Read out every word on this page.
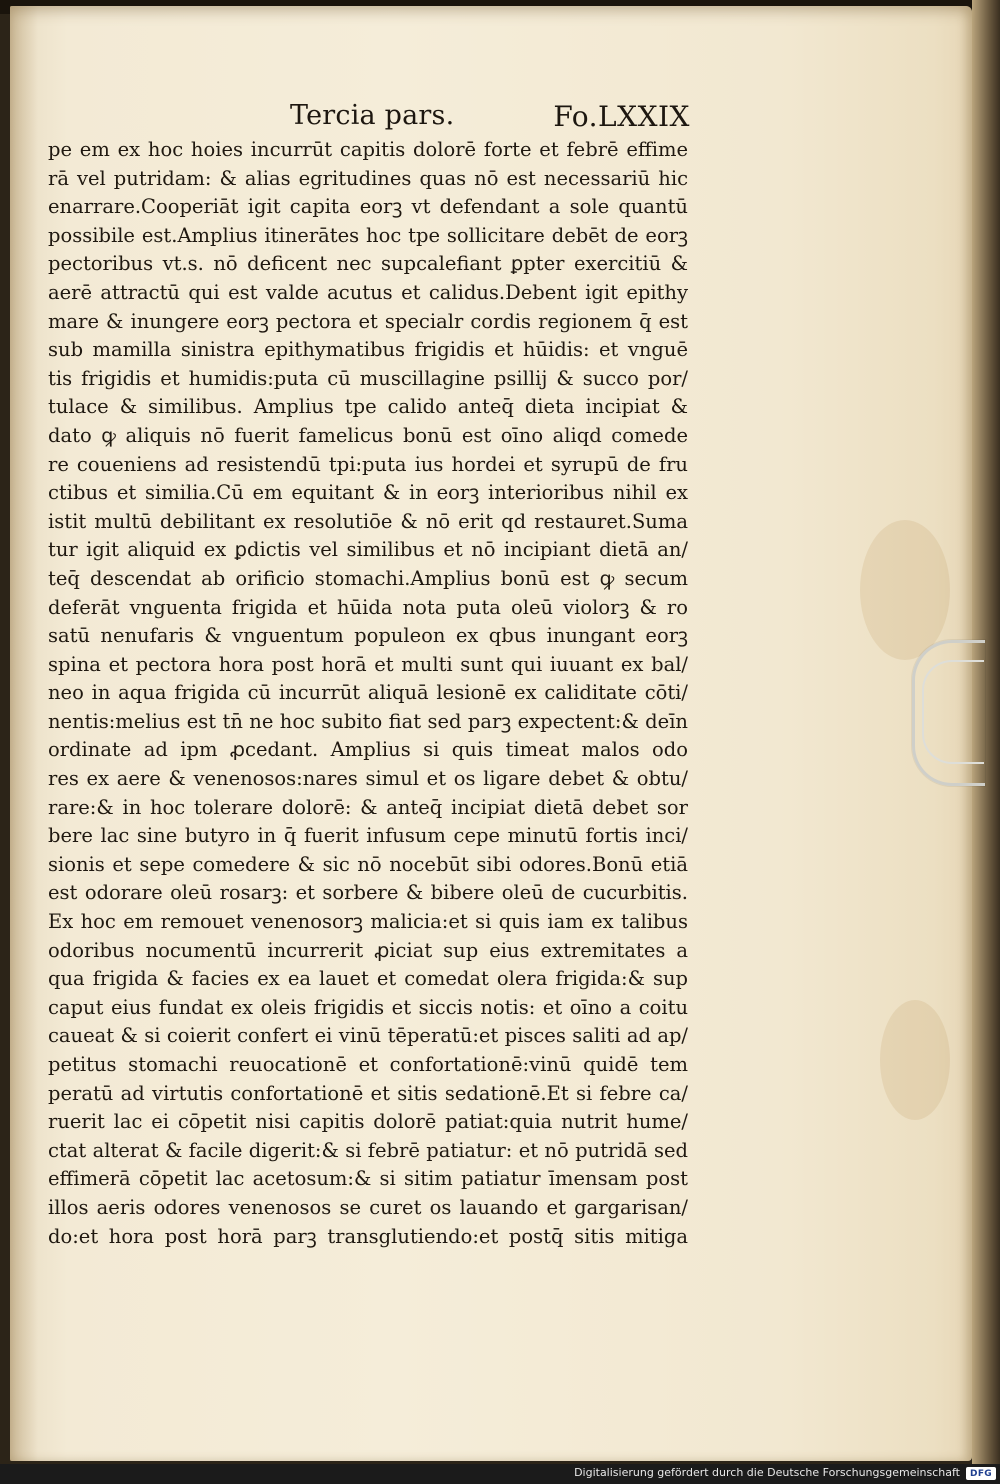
Tercia pars.	Fo.LXXIX
pe em ex hoc hoies incurrūt capitis dolorē forte et febrē effime
rā vel putridam: & alias egritudines quas nō est necessariū hic
enarrare.Cooperiāt igit capita eorꝫ vt defendant a sole quantū
possibile est.Amplius itinerātes hoc tpe sollicitare debēt de eorꝫ
pectoribus vt.s. nō deficent nec supcalefiant ꝑpter exercitiū &
aerē attractū qui est valde acutus et calidus.Debent igit epithy
mare & inungere eorꝫ pectora et specialr cordis regionem q̄ est
sub mamilla sinistra epithymatibus frigidis et hūidis: et vnguē
tis frigidis et humidis:puta cū muscillagine psillij & succo por/
tulace & similibus. Amplius tpe calido anteq̄ dieta incipiat &
dato ꝙ aliquis nō fuerit famelicus bonū est oīno aliqd comede
re coueniens ad resistendū tpi:puta ius hordei et syrupū de fru
ctibus et similia.Cū em equitant & in eorꝫ interioribus nihil ex
istit multū debilitant ex resolutiōe & nō erit qd restauret.Suma
tur igit aliquid ex ꝑdictis vel similibus et nō incipiant dietā an/
teq̄ descendat ab orificio stomachi.Amplius bonū est ꝙ secum
deferāt vnguenta frigida et hūida nota puta oleū violorꝫ & ro
satū nenufaris & vnguentum populeon ex qbus inungant eorꝫ
spina et pectora hora post horā et multi sunt qui iuuant ex bal/
neo in aqua frigida cū incurrūt aliquā lesionē ex caliditate cōti/
nentis:melius est tn̄ ne hoc subito fiat sed parꝫ expectent:& deīn
ordinate ad ipm ꝓcedant. Amplius si quis timeat malos odo
res ex aere & venenosos:nares simul et os ligare debet & obtu/
rare:& in hoc tolerare dolorē: & anteq̄ incipiat dietā debet sor
bere lac sine butyro in q̄ fuerit infusum cepe minutū fortis inci/
sionis et sepe comedere & sic nō nocebūt sibi odores.Bonū etiā
est odorare oleū rosarꝫ: et sorbere & bibere oleū de cucurbitis.
Ex hoc em remouet venenosorꝫ malicia:et si quis iam ex talibus
odoribus nocumentū incurrerit ꝓiciat sup eius extremitates a
qua frigida & facies ex ea lauet et comedat olera frigida:& sup
caput eius fundat ex oleis frigidis et siccis notis: et oīno a coitu
caueat & si coierit confert ei vinū tēperatū:et pisces saliti ad ap/
petitus stomachi reuocationē et confortationē:vinū quidē tem
peratū ad virtutis confortationē et sitis sedationē.Et si febre ca/
ruerit lac ei cōpetit nisi capitis dolorē patiat:quia nutrit hume/
ctat alterat & facile digerit:& si febrē patiatur: et nō putridā sed
effimerā cōpetit lac acetosum:& si sitim patiatur īmensam post
illos aeris odores venenosos se curet os lauando et gargarisan/
do:et hora post horā parꝫ transglutiendo:et postq̄ sitis mitiga
Digitalisierung gefördert durch die Deutsche Forschungsgemeinschaft DFG
